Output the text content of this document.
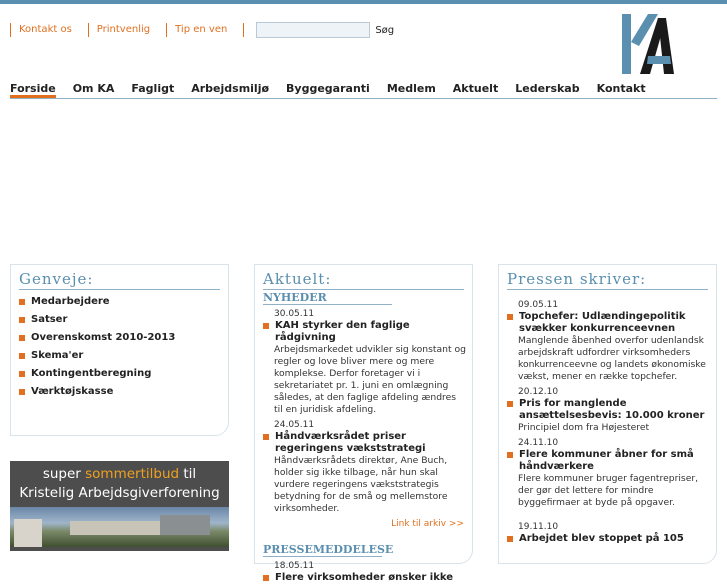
Kontakt os	Printvenlig	Tip en ven	Søg
Forside Om KA Fagligt Arbejdsmiljø Byggegaranti Medlem Aktuelt Lederskab Kontakt
Genveje:
Medarbejdere
Satser
Overenskomst 2010-2013
Skema'er
Kontingentberegning
Værktøjskasse
super sommertilbud til
Kristelig Arbejdsgiverforening
Aktuelt:
NYHEDER
30.05.11
KAH styrker den faglige rådgivning
Arbejdsmarkedet udvikler sig konstant og regler og love bliver mere og mere komplekse. Derfor foretager vi i sekretariatet pr. 1. juni en omlægning således, at den faglige afdeling ændres til en juridisk afdeling.
24.05.11
Håndværksrådet priser regeringens vækststrategi
Håndværksrådets direktør, Ane Buch, holder sig ikke tilbage, når hun skal vurdere regeringens vækststrategis betydning for de små og mellemstore virksomheder.
Link til arkiv >>
PRESSEMEDDELESE
18.05.11
Flere virksomheder ønsker ikke
Pressen skriver:
09.05.11
Topchefer: Udlændingepolitik svækker konkurrenceevnen
Manglende åbenhed overfor udenlandsk arbejdskraft udfordrer virksomheders konkurrenceevne og landets økonomiske vækst, mener en række topchefer.
20.12.10
Pris for manglende ansættelsesbevis: 10.000 kroner
Principiel dom fra Højesteret
24.11.10
Flere kommuner åbner for små håndværkere
Flere kommuner bruger fagentrepriser, der gør det lettere for mindre byggefirmaer at byde på opgaver.
19.11.10
Arbejdet blev stoppet på 105
